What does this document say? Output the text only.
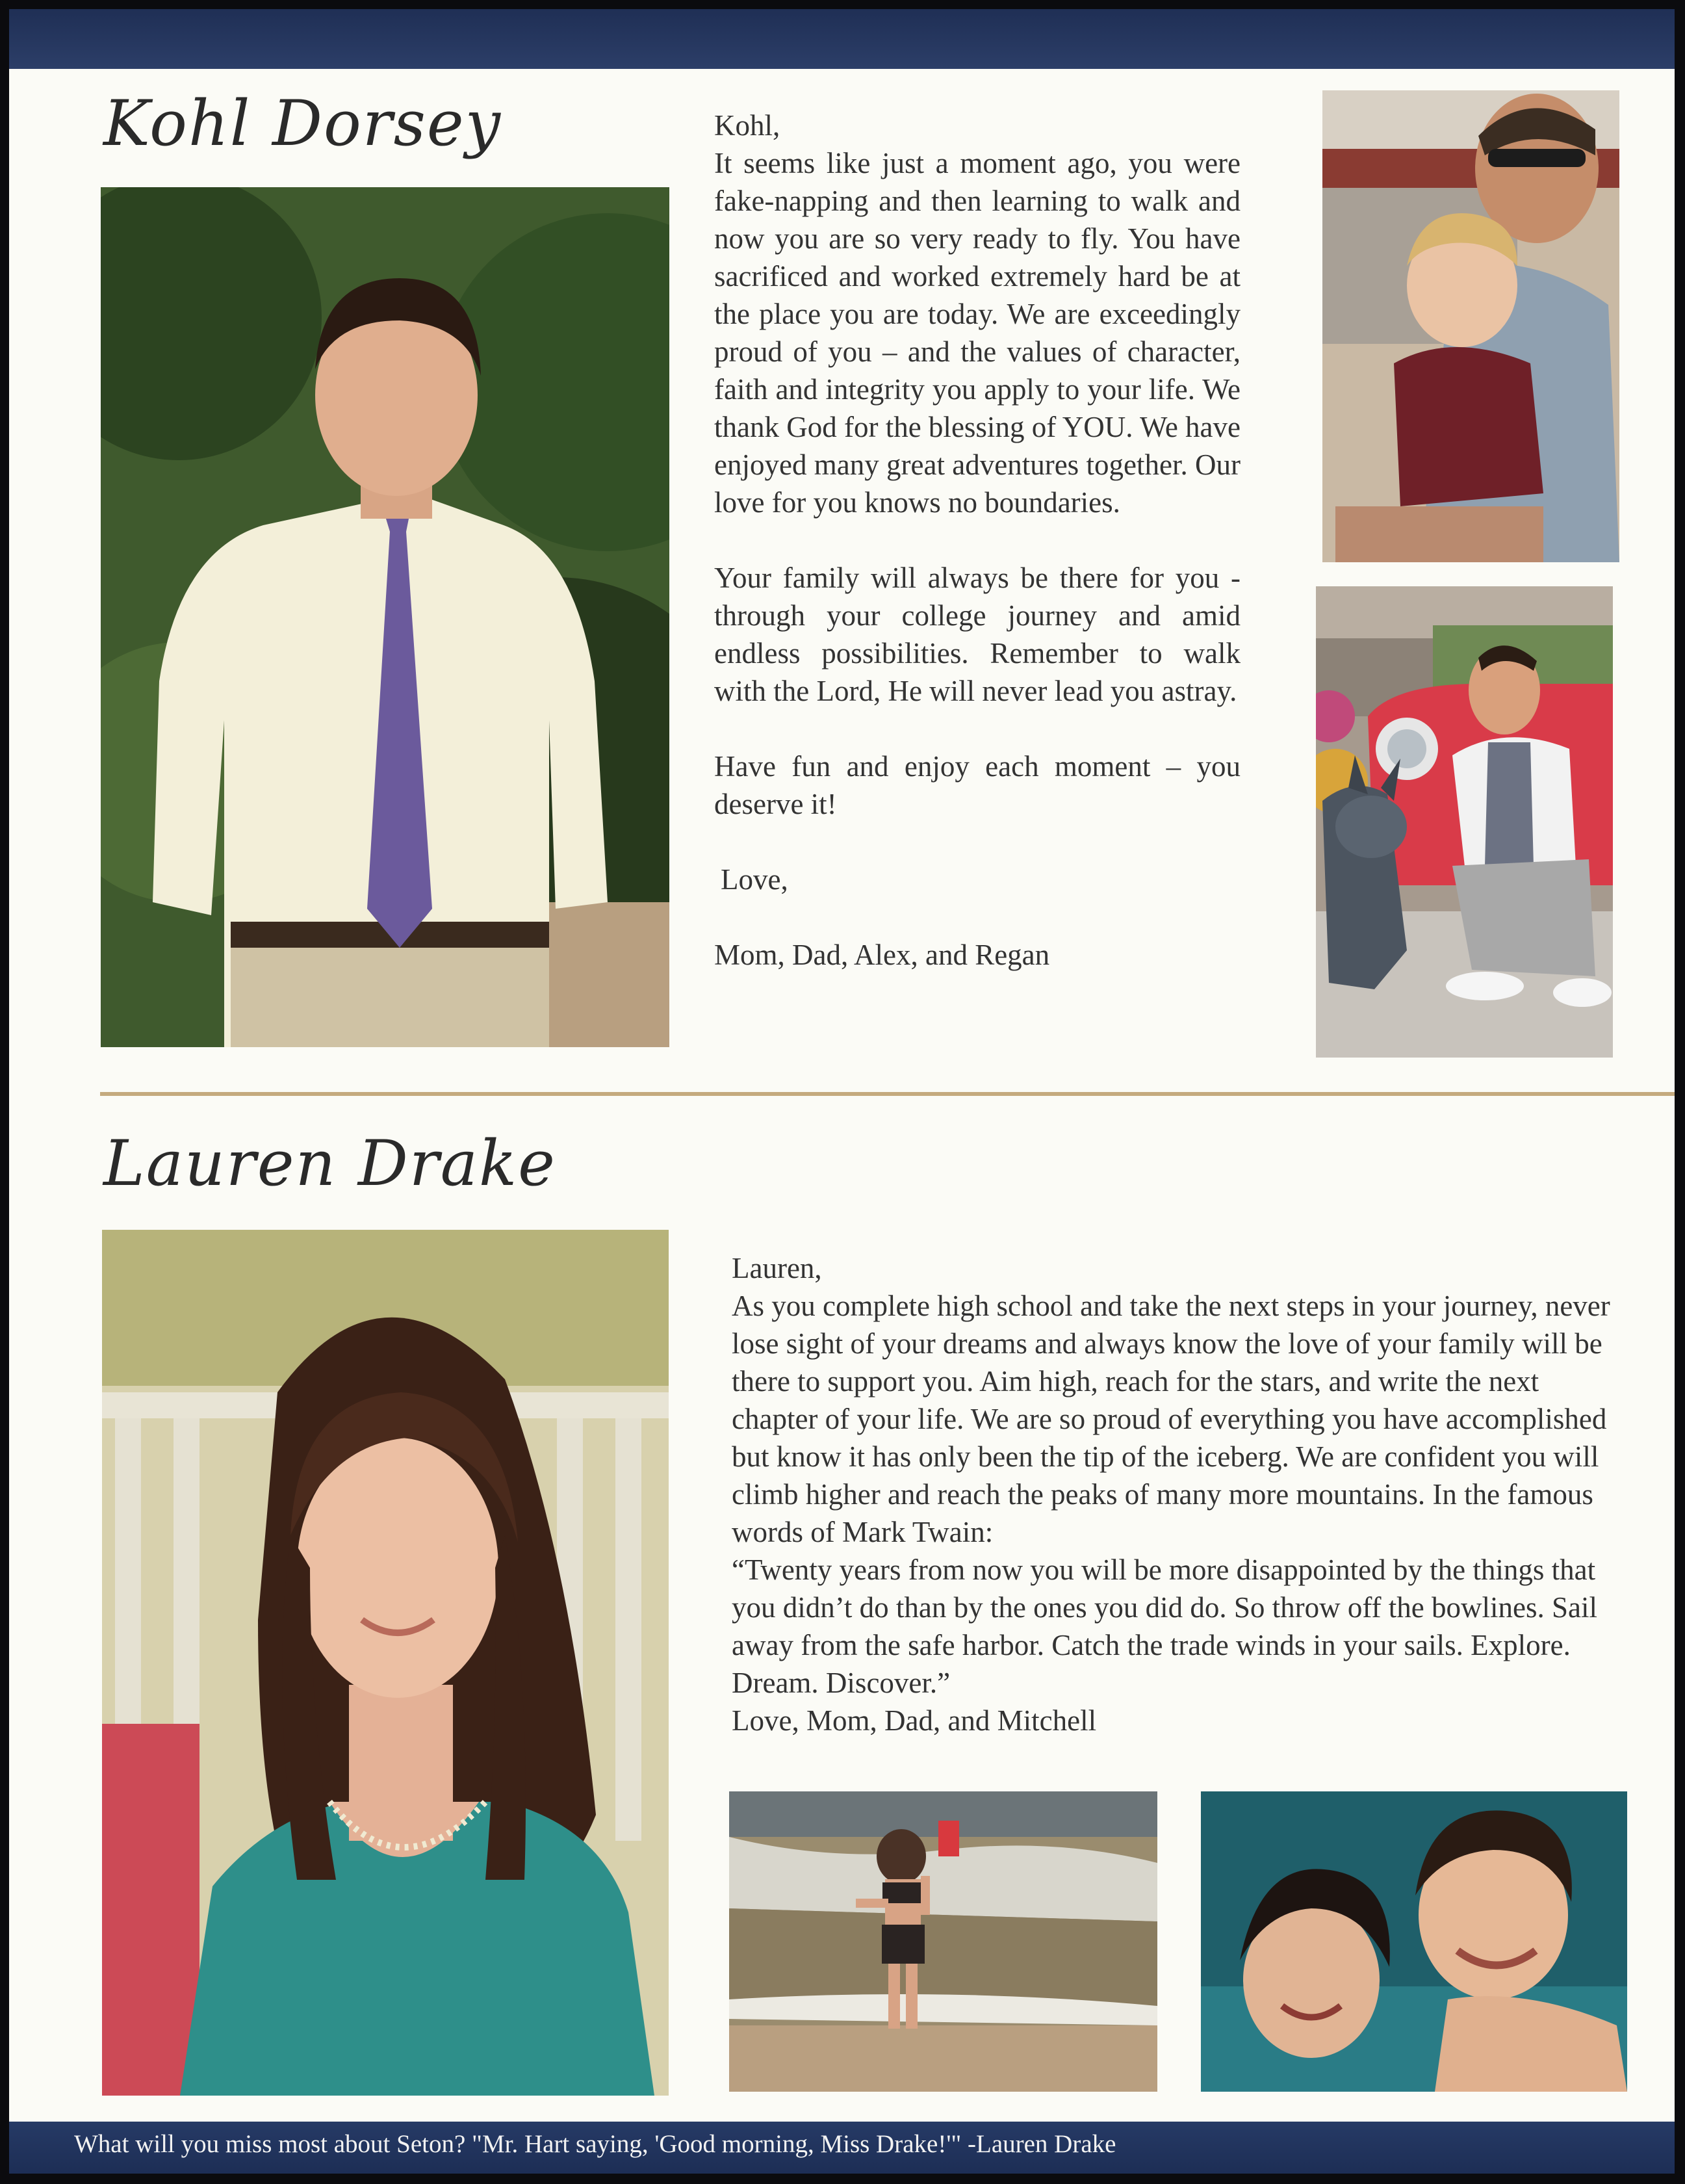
Kohl Dorsey	Kohl,

It seems like just a moment ago, you were fake-napping and then learning to walk and now you are so very ready to fly. You have sacrificed and worked extremely hard be at the place you are today. We are exceedingly proud of you – and the values of character, faith and integrity you apply to your life. We thank God for the blessing of YOU. We have enjoyed many great adventures together. Our love for you knows no boundaries.

Your family will always be there for you - through your college journey and amid endless possibilities. Remember to walk with the Lord, He will never lead you astray.

Have fun and enjoy each moment – you deserve it!

Love,

Mom, Dad, Alex, and Regan

Lauren Drake

Lauren,

As you complete high school and take the next steps in your journey, never lose sight of your dreams and always know the love of your family will be there to support you. Aim high, reach for the stars, and write the next chapter of your life. We are so proud of everything you have accomplished but know it has only been the tip of the iceberg. We are confident you will climb higher and reach the peaks of many more mountains. In the famous words of Mark Twain:

“Twenty years from now you will be more disappointed by the things that you didn’t do than by the ones you did do. So throw off the bowlines. Sail away from the safe harbor. Catch the trade winds in your sails. Explore. Dream. Discover.”

Love, Mom, Dad, and Mitchell

What will you miss most about Seton? "Mr. Hart saying, 'Good morning, Miss Drake!'" -Lauren Drake
